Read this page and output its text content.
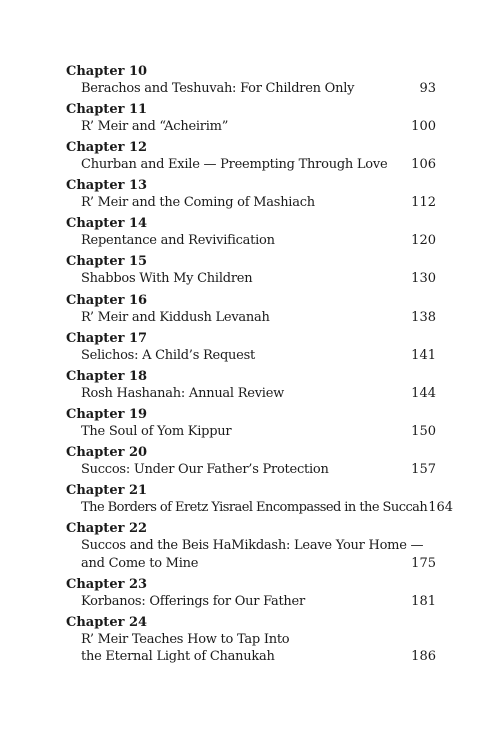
Chapter 10
Berachos and Teshuvah: For Children Only	93
Chapter 11
R’ Meir and “Acheirim”	100
Chapter 12
Churban and Exile — Preempting Through Love 106
Chapter 13
R’ Meir and the Coming of Mashiach	112
Chapter 14
Repentance and Revivification	120
Chapter 15
Shabbos With My Children	130
Chapter 16
R’ Meir and Kiddush Levanah	138
Chapter 17
Selichos: A Child’s Request	141
Chapter 18
Rosh Hashanah: Annual Review	144
Chapter 19
The Soul of Yom Kippur	150
Chapter 20
Succos: Under Our Father’s Protection	157
Chapter 21
The Borders of Eretz Yisrael Encompassed in the Succah 164
Chapter 22
Succos and the Beis HaMikdash: Leave Your Home —
and Come to Mine	175
Chapter 23
Korbanos: Offerings for Our Father	181
Chapter 24
R’ Meir Teaches How to Tap Into
the Eternal Light of Chanukah	186
